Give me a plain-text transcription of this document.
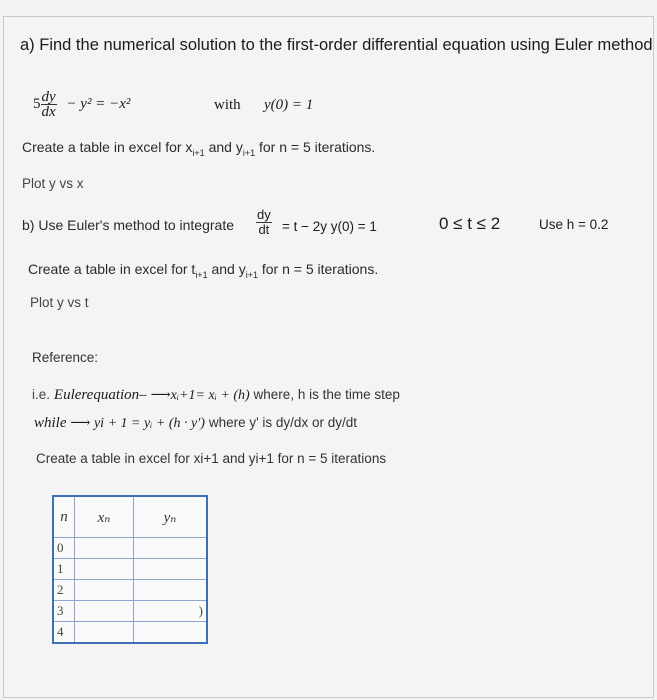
a) Find the numerical solution to the first-order differential equation using Euler method
$5 \frac{dy}{dx} - y^2 = -x^2$	with y(0) = 1
Create a table in excel for $x_{i+1}$ and $y_{i+1}$ for n = 5 iterations.
Plot y vs x
b) Use Euler's method to integrate $\frac{dy}{dt} = t - 2y$ y(0) = 1	0 ≤ t ≤ 2	Use h = 0.2
Create a table in excel for $t_{i+1}$ and $y_{i+1}$ for n = 5 iterations.
Plot y vs t
Reference:
i.e. Eulerequation– ⟶xᵢ+1= xᵢ + (h) where, h is the time step
while ⟶ yi + 1 = yᵢ + (h · y′) where y' is dy/dx or dy/dt
Create a table in excel for xi+1 and yi+1 for n = 5 iterations
n	xₙ	yₙ
0		
1		
2		
3		)
4		
